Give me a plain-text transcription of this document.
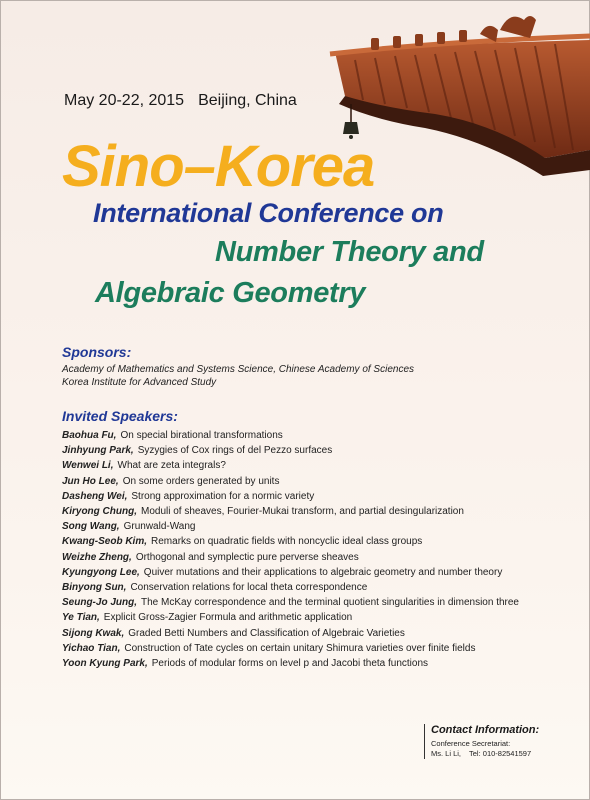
May 20-22, 2015 Beijing, China
Sino–Korea
International Conference on
Number Theory and
Algebraic Geometry
Sponsors:
Academy of Mathematics and Systems Science, Chinese Academy of Sciences
Korea Institute for Advanced Study
Invited Speakers:
Baohua Fu, On special birational transformations
Jinhyung Park, Syzygies of Cox rings of del Pezzo surfaces
Wenwei Li, What are zeta integrals?
Jun Ho Lee, On some orders generated by units
Dasheng Wei, Strong approximation for a normic variety
Kiryong Chung, Moduli of sheaves, Fourier-Mukai transform, and partial desingularization
Song Wang, Grunwald-Wang
Kwang-Seob Kim, Remarks on quadratic fields with noncyclic ideal class groups
Weizhe Zheng, Orthogonal and symplectic pure perverse sheaves
Kyungyong Lee, Quiver mutations and their applications to algebraic geometry and number theory
Binyong Sun, Conservation relations for local theta correspondence
Seung-Jo Jung, The McKay correspondence and the terminal quotient singularities in dimension three
Ye Tian, Explicit Gross-Zagier Formula and arithmetic application
Sijong Kwak, Graded Betti Numbers and Classification of Algebraic Varieties
Yichao Tian, Construction of Tate cycles on certain unitary Shimura varieties over finite fields
Yoon Kyung Park, Periods of modular forms on level p and Jacobi theta functions
Contact Information:
Conference Secretariat:
Ms. Li Li, Tel: 010-82541597
